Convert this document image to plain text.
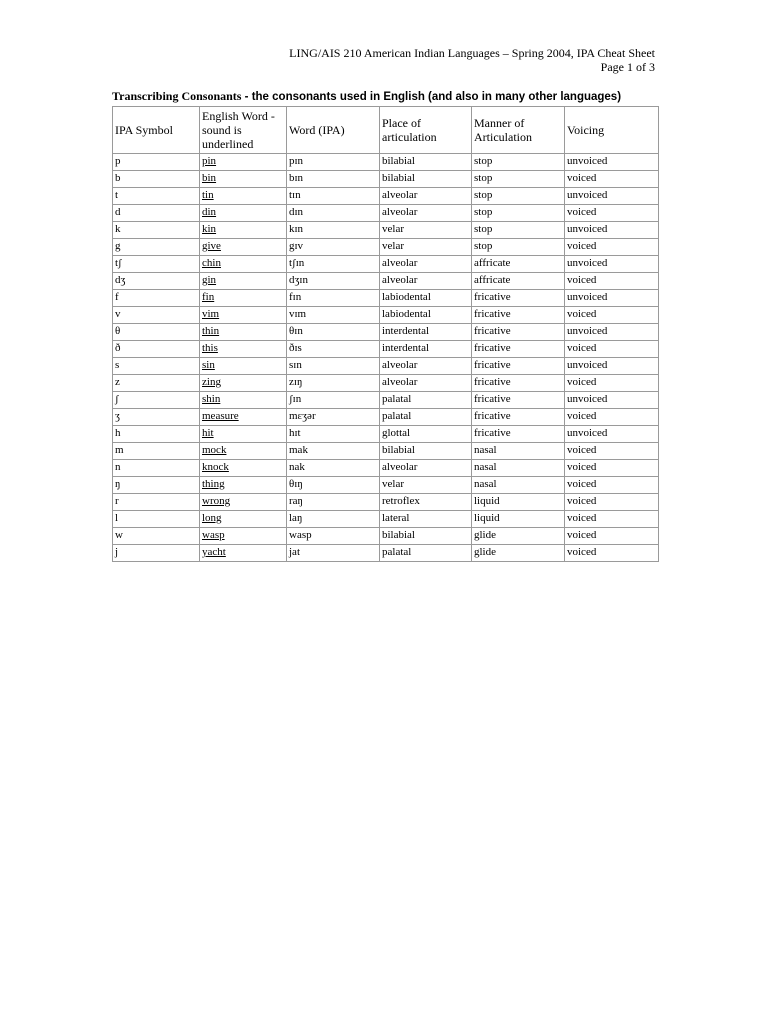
LING/AIS 210 American Indian Languages – Spring 2004, IPA Cheat Sheet
Page 1 of 3
Transcribing Consonants - the consonants used in English (and also in many other languages)
IPA Symbol	English Word - sound is underlined	Word (IPA)	Place of articulation	Manner of Articulation	Voicing
p	pin	pɪn	bilabial	stop	unvoiced
b	bin	bɪn	bilabial	stop	voiced
t	tin	tɪn	alveolar	stop	unvoiced
d	din	dɪn	alveolar	stop	voiced
k	kin	kɪn	velar	stop	unvoiced
g	give	gɪv	velar	stop	voiced
tʃ	chin	tʃɪn	alveolar	affricate	unvoiced
dʒ	gin	dʒɪn	alveolar	affricate	voiced
f	fin	fɪn	labiodental	fricative	unvoiced
v	vim	vɪm	labiodental	fricative	voiced
θ	thin	θɪn	interdental	fricative	unvoiced
ð	this	ðɪs	interdental	fricative	voiced
s	sin	sɪn	alveolar	fricative	unvoiced
z	zing	zɪŋ	alveolar	fricative	voiced
ʃ	shin	ʃɪn	palatal	fricative	unvoiced
ʒ	measure	mɛʒər	palatal	fricative	voiced
h	hit	hɪt	glottal	fricative	unvoiced
m	mock	mak	bilabial	nasal	voiced
n	knock	nak	alveolar	nasal	voiced
ŋ	thing	θɪŋ	velar	nasal	voiced
r	wrong	raŋ	retroflex	liquid	voiced
l	long	laŋ	lateral	liquid	voiced
w	wasp	wasp	bilabial	glide	voiced
j	yacht	jat	palatal	glide	voiced
